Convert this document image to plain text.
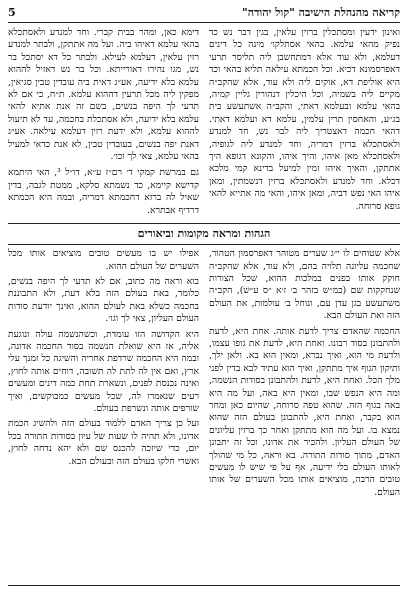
קריאה מהנהלת הישיבה "קול יהודה"
5

ואינון ידעין ומסתכלין ברזין עלאין, בגין דבר נש כד נפיק מהאי עלמא. בהאי אסתלקו׳ מינה כל דינים דעלמא, ולא עוד אלא דמתחשבן ליה תליסר תרעי דאפרסמונא דכיא. וכל הכמתא עילאה תליא בהאי וכד היא אוליפת דא, אוקים ליה ולא עוד, אלא שהקב״ה מקיים ליה בשמיה, וכל היכלין דנהורין גליין קמיה, בהאי עלמא ובעלמא דאתי, והקב״ה אשתעשע בית בג״ע, והאחסין תרין עלמין, עלמא דא ועלמא דאתי. דהאי חכמה דאצטריך ליה לבר נש, חד למנדע ולאסתכלא ברזין דמריה, וחד למנדע ליה לגופיה, ולאסתכלא מאן איהו, והיך איהו, והקונא דגופא היך אתתקן, והאיך איהו זמין למיעל בדינא קמי מלכא דכלא. וחד למנדע ולאסתכלא ברזין דנשמתין, ומאן איהו האי נפש דביה, ומאן איהו, והאי מה אתייא להאי גופא סרוחה.

דימא כאן, ומהר בבית קברי. וחד למנדע ולאסתכלא בהאי עלמא דאיהו ביה. ועל מה אתתקן, ולבתר למנדע רזין עלאין, דעלמא לעילא. ולבתר כל דא יסתכל בר נש, מגו נהירו דאורייתא. וכל בר נש דאזיל לההוא עלמא בלא ידיעה, אע״ג דאית ביה עובדין טבין סגיאין, מפקין ליה מכל תרעין דההוא עלמא. ת״ח, כי אם לא תדעי לך היפה בנשים, בשם זה אנת אתיא להאי עלמא בלא ידיעה, ולא אסתכלת בחכמה, עד לא תיעול לההוא עלמא, ולא ידעת רזין דעלמא עילאה. אע״ג דאנת יפה בנשים, בעובדין טבין, לא אנת כדאי למעיל בהאי עלמא, צאי לך וכו׳.

גם במרשת קמקי ד׳ רם״ז ע״א, דו״ל ³, האי היתמא קדישא קיימא, כד נשמתא סלקא, ממטת לגבה, בדין שאיל לה ברזא דחכמתא דמריה, ובמה היא הכמתא דרדיף אבתרא.

הגהות ומראה מקומות וביאורים

אלא שטוחים לו י״ג שערים מטוהר דאפרסמון הטהור, שחכמה עליונה תלויה בהם, ולא עוד, אלא שהקב״ה חוקק אותו בפנים במלכות ההוא, שכל הצורות שנחקקות שם (כמ״ש בזהר ב׳ ז׳א ״ס ע״ש), הקב״ה משתעשע בגן עדן עם, ונוחל ב׳ עולמות, את העולם הזה ואת העולם הבא.

החכמה שהאדם צריך לדעת אותה. אחת היא, לדעת ולהתבונן בסוד רבונו. ואחת היא, לדעת את גופו עצמו, ולדעת מי הוא, ואיך נברא, ומאין הוא בא. ולאן ילך, ותיקון הגוף איך מתתקן, ואיך הוא עתיד לבא בדין לפני מלך הכל. ואחת היא, לדעת ולהתבונן בסודות הנשמה, ומה היא הנפש שבו, ומאין היא באה, ועל מה היא באה בגוף הזה. שהוא טפה סרוחה, שהיום כאן ומחר הוא בקבר, ואחת היא, להתבונן בעולם הזה שהוא נמצא בו. ועל מה הוא מתתקן ואחר כך ברזין עליונים של העולם העליון. ולהכיר את אדונו, וכל זה יתבונן האדם, מתוך סודות התורה. בא וראה, כל מי שהולך לאותו העולם בלי ידיעה, אף על פי שיש לו מעשים טובים הרבה, מוציאים אותו מכל השערים של אותו העולם.

אפילו יש בו מעשים טובים מוציאים אותו מכל השערים של העולם ההוא.

בוא וראה מה כתוב, אם לא תדעי לך היפה בנשים, כלומר, באת בעולם הזה בלא דעת, ולא התבוננת בחכמה כשלא באת לעולם ההוא, ואינך יודעת סודות העולם העליון, צאי לך וגו׳.

היא הקדושה הזו עומדת, וכשהנשמה עולה ונוגעת אליה, אז היא שואלת הנשמה בסוד החכמה אדונה, ובמה היא החכמה שרדפת אחריה והשיגה כל זמנך עלי ארץ, ואם אין לה לתת לה תשובה, דוחים אותה לחוץ, ואינה נכנסת לפנים, ונשארת תחת כמה דינים ומעשים רעים שנאמרו לה, שכל מעשים כמבוקשים, ואיך שורפים אותה ונשרפת בעולם.

ועל כן צריך האדם ללמוד בעולם הזה ולהשיג חכמת אדונו, ולא תהיה לו שעות של עיון בסודות התורה בכל יום, כדי שיזכה להכנס שם ולא יהא נדחה לחוץ, ואשרי חלקו בעולם הזה ובעולם הבא.
